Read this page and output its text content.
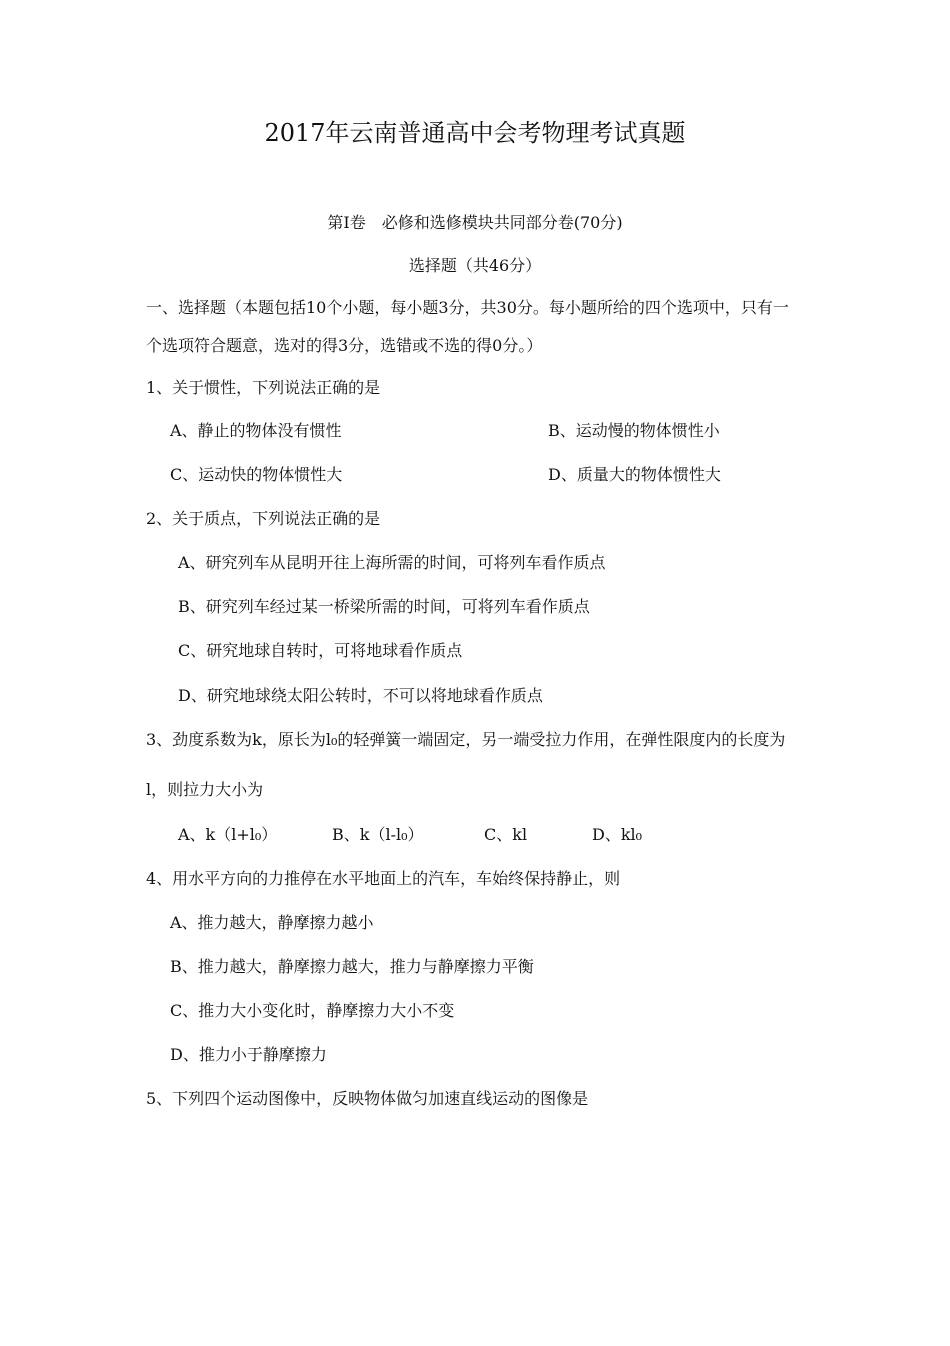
2017年云南普通高中会考物理考试真题
第Ⅰ卷　必修和选修模块共同部分卷(70分)
选择题（共46分）
一、选择题（本题包括10个小题，每小题3分，共30分。每小题所给的四个选项中，只有一
个选项符合题意，选对的得3分，选错或不选的得0分。）
1、关于惯性，下列说法正确的是
A、静止的物体没有惯性	B、运动慢的物体惯性小
C、运动快的物体惯性大	D、质量大的物体惯性大
2、关于质点，下列说法正确的是
A、研究列车从昆明开往上海所需的时间，可将列车看作质点
B、研究列车经过某一桥梁所需的时间，可将列车看作质点
C、研究地球自转时，可将地球看作质点
D、研究地球绕太阳公转时，不可以将地球看作质点
3、劲度系数为k，原长为l₀的轻弹簧一端固定，另一端受拉力作用，在弹性限度内的长度为
l，则拉力大小为
A、k（l+l₀）	B、k（l-l₀）	C、kl	D、kl₀
4、用水平方向的力推停在水平地面上的汽车，车始终保持静止，则
A、推力越大，静摩擦力越小
B、推力越大，静摩擦力越大，推力与静摩擦力平衡
C、推力大小变化时，静摩擦力大小不变
D、推力小于静摩擦力
5、下列四个运动图像中，反映物体做匀加速直线运动的图像是
